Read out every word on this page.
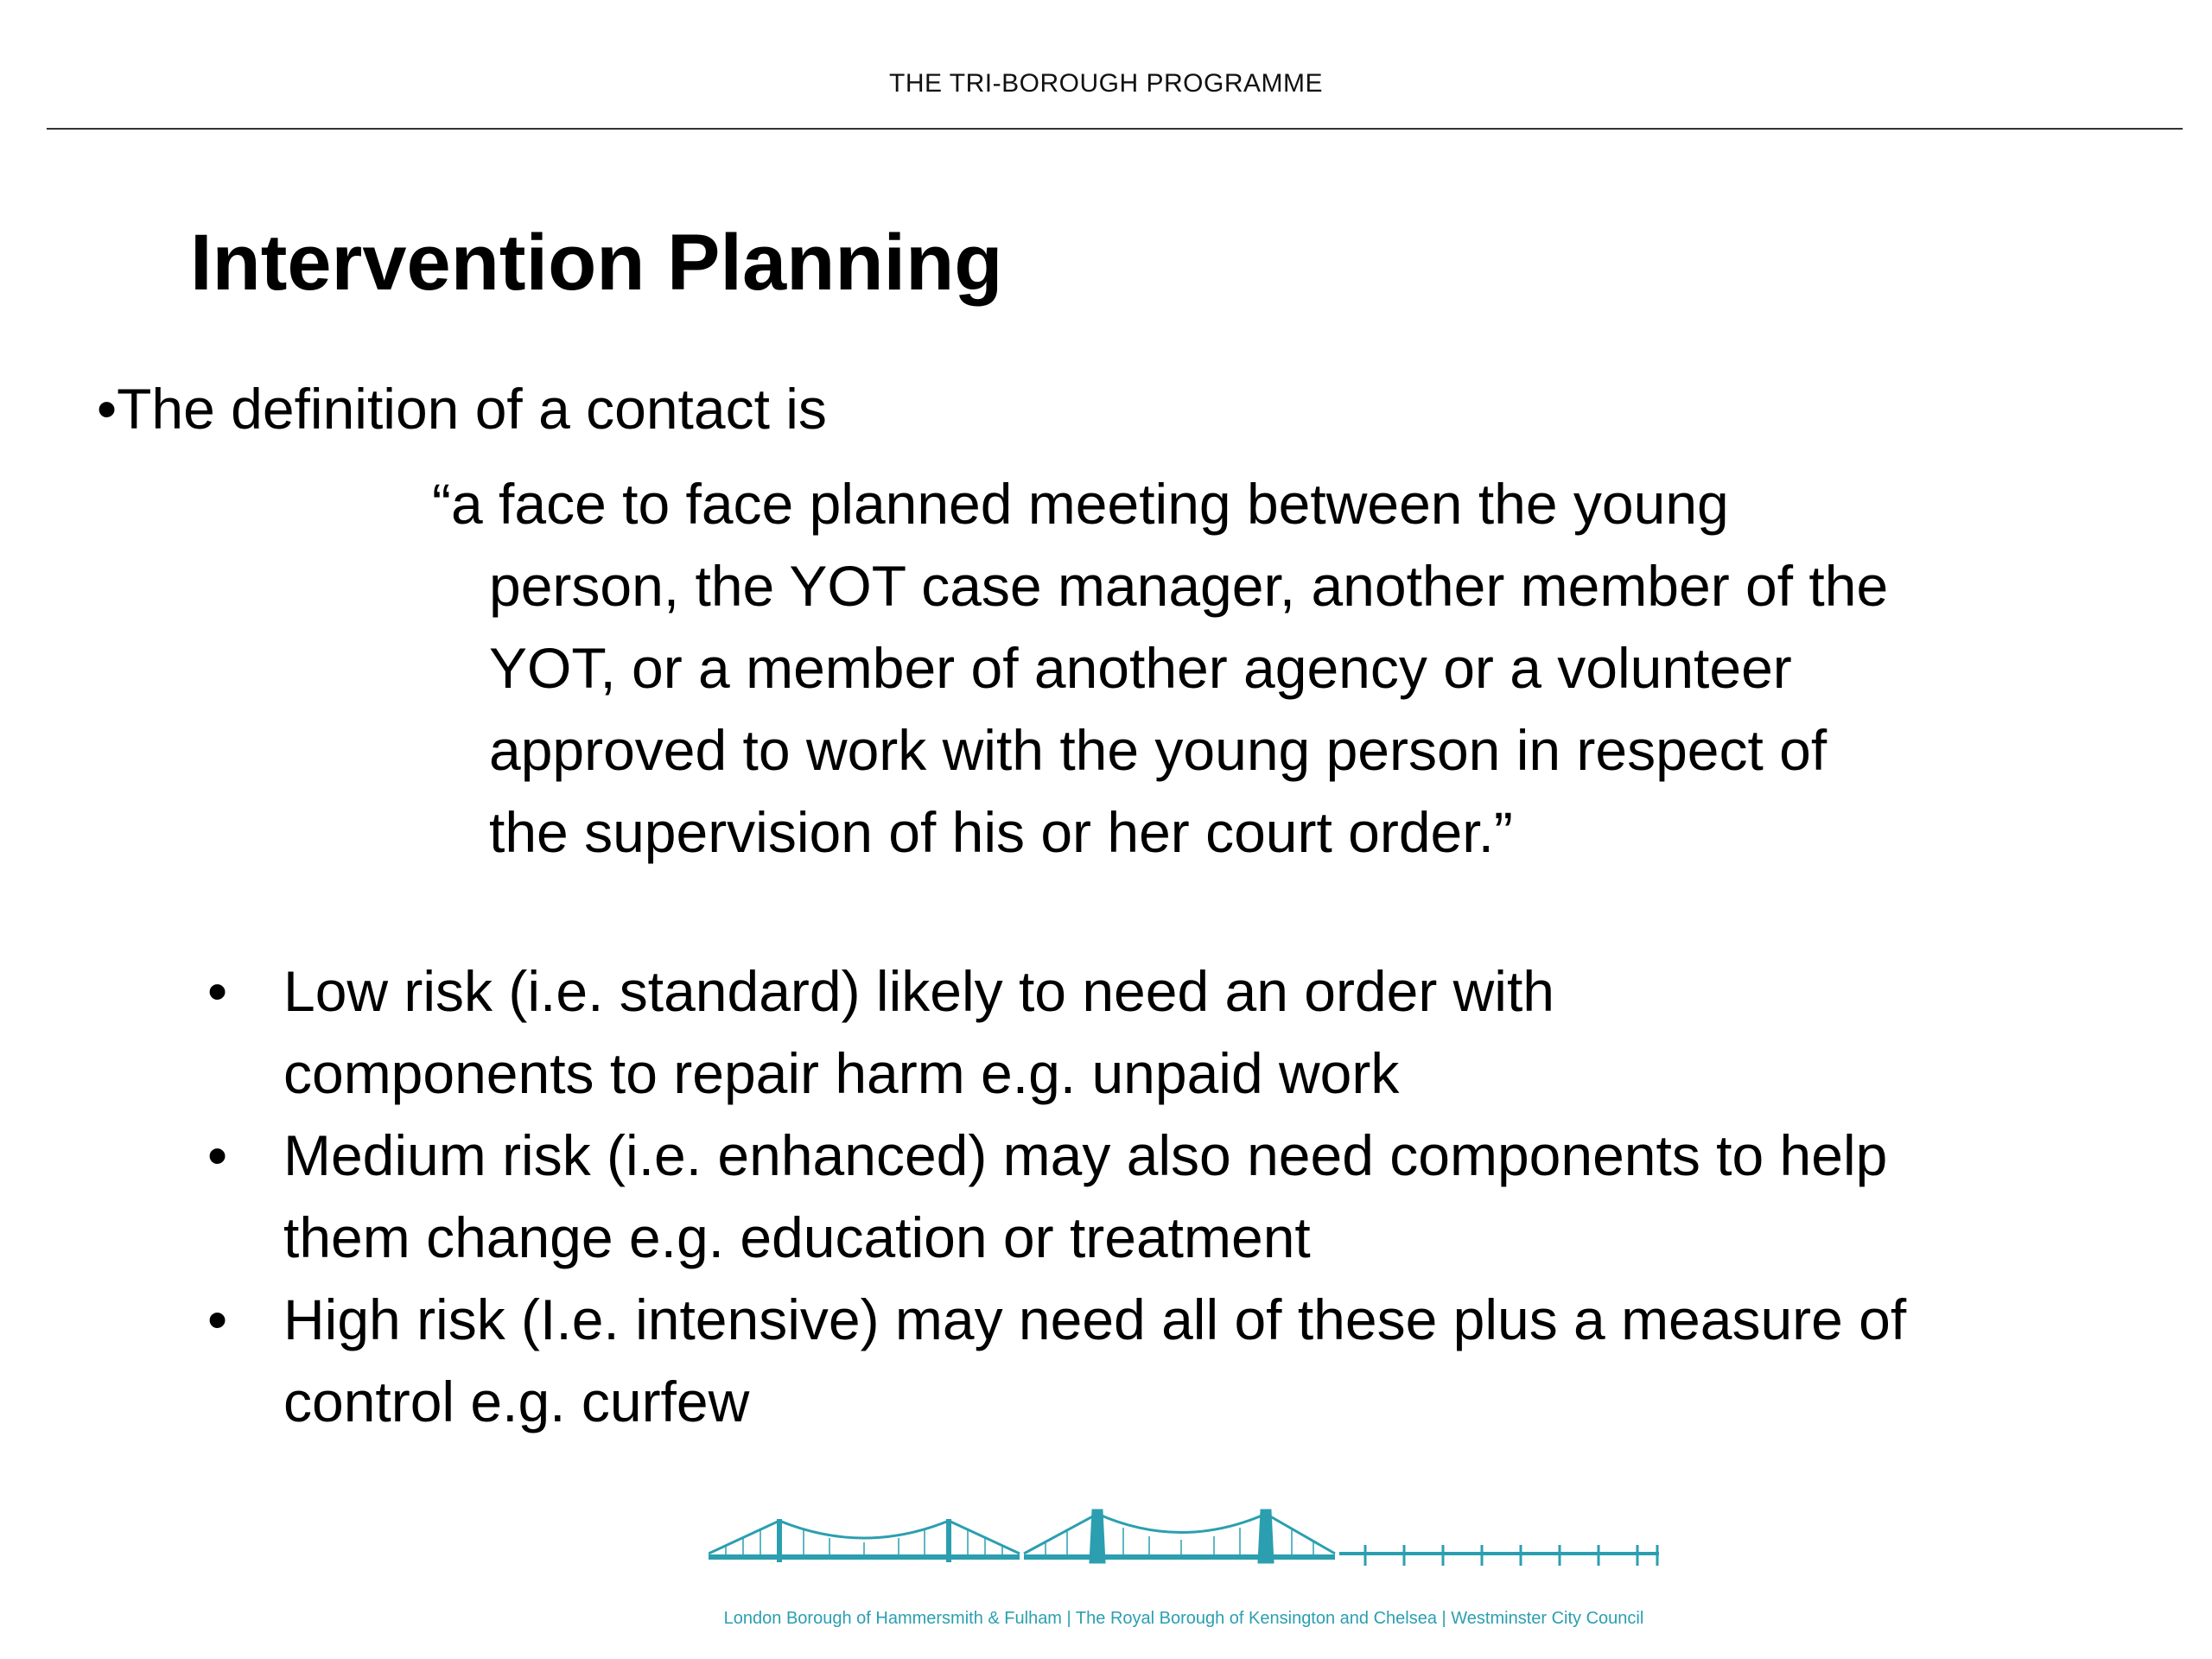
THE TRI-BOROUGH PROGRAMME
Intervention Planning
•The definition of a contact is
“a face to face planned meeting between the young
person, the YOT case manager, another member of the
YOT, or a member of another agency or a volunteer
approved to work with the young person in respect of
the supervision of his or her court order.”
• Low risk (i.e. standard) likely to need an order with
components to repair harm e.g. unpaid work
• Medium risk (i.e. enhanced) may also need components to help
them change e.g. education or treatment
• High risk (I.e. intensive) may need all of these plus a measure of
control e.g. curfew
London Borough of Hammersmith & Fulham | The Royal Borough of Kensington and Chelsea | Westminster City Council
